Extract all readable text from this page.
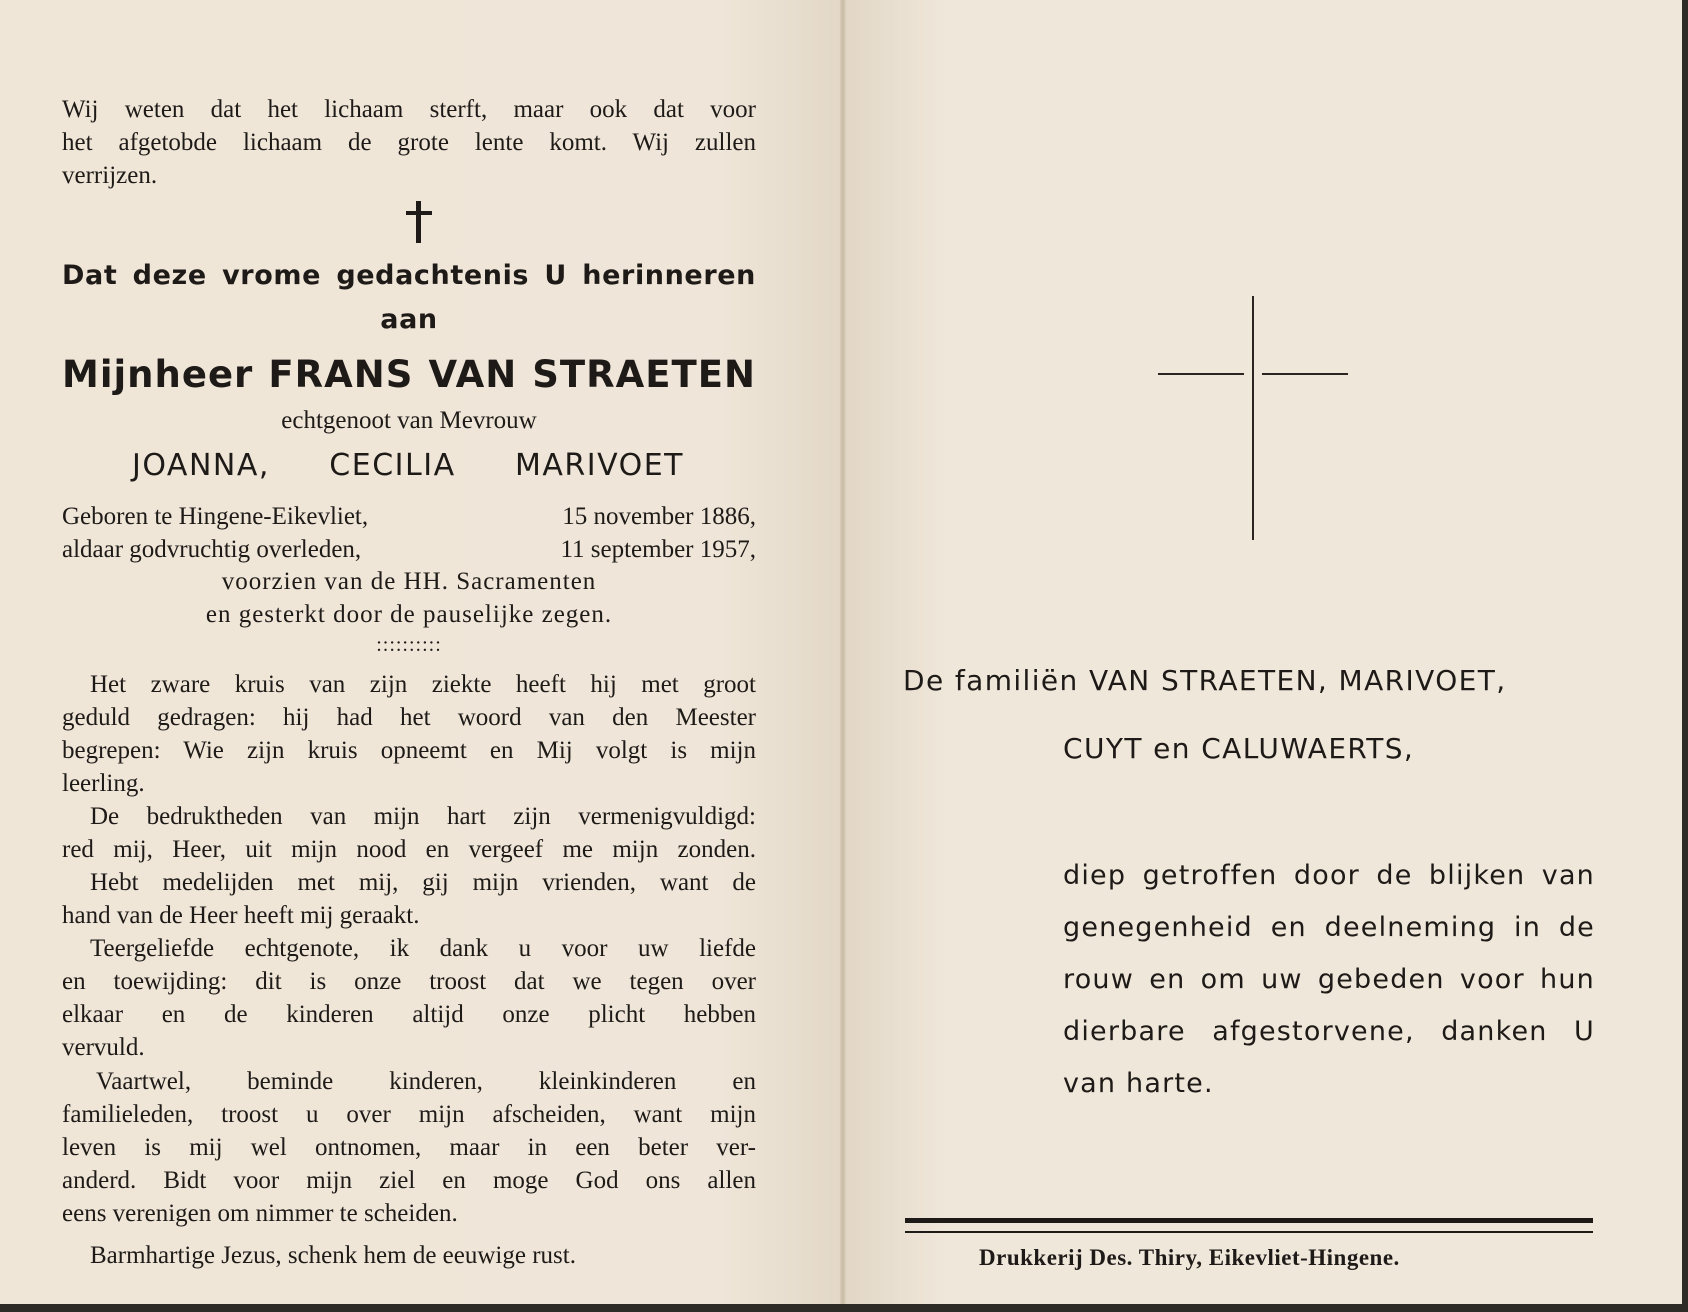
Wij weten dat het lichaam sterft, maar ook dat voor
het afgetobde lichaam de grote lente komt. Wij zullen
verrijzen.
Dat deze vrome gedachtenis U herinneren
aan
Mijnheer FRANS VAN STRAETEN
echtgenoot van Mevrouw
JOANNA, CECILIA MARIVOET
Geboren te Hingene-Eikevliet,	15 november 1886,
aldaar godvruchtig overleden,	11 september 1957,
voorzien van de HH. Sacramenten
en gesterkt door de pauselijke zegen.
::::::::::
Het zware kruis van zijn ziekte heeft hij met groot
geduld gedragen: hij had het woord van den Meester
begrepen: Wie zijn kruis opneemt en Mij volgt is mijn
leerling.
De bedruktheden van mijn hart zijn vermenigvuldigd:
red mij, Heer, uit mijn nood en vergeef me mijn zonden.
Hebt medelijden met mij, gij mijn vrienden, want de
hand van de Heer heeft mij geraakt.
Teergeliefde echtgenote, ik dank u voor uw liefde
en toewijding: dit is onze troost dat we tegen over
elkaar en de kinderen altijd onze plicht hebben
vervuld.
Vaartwel, beminde kinderen, kleinkinderen en
familieleden, troost u over mijn afscheiden, want mijn
leven is mij wel ontnomen, maar in een beter ver-
anderd. Bidt voor mijn ziel en moge God ons allen
eens verenigen om nimmer te scheiden.
Barmhartige Jezus, schenk hem de eeuwige rust.
De familiën VAN STRAETEN, MARIVOET,
CUYT en CALUWAERTS,
diep getroffen door de blijken van
genegenheid en deelneming in de
rouw en om uw gebeden voor hun
dierbare afgestorvene, danken U
van harte.
Drukkerij Des. Thiry, Eikevliet-Hingene.
